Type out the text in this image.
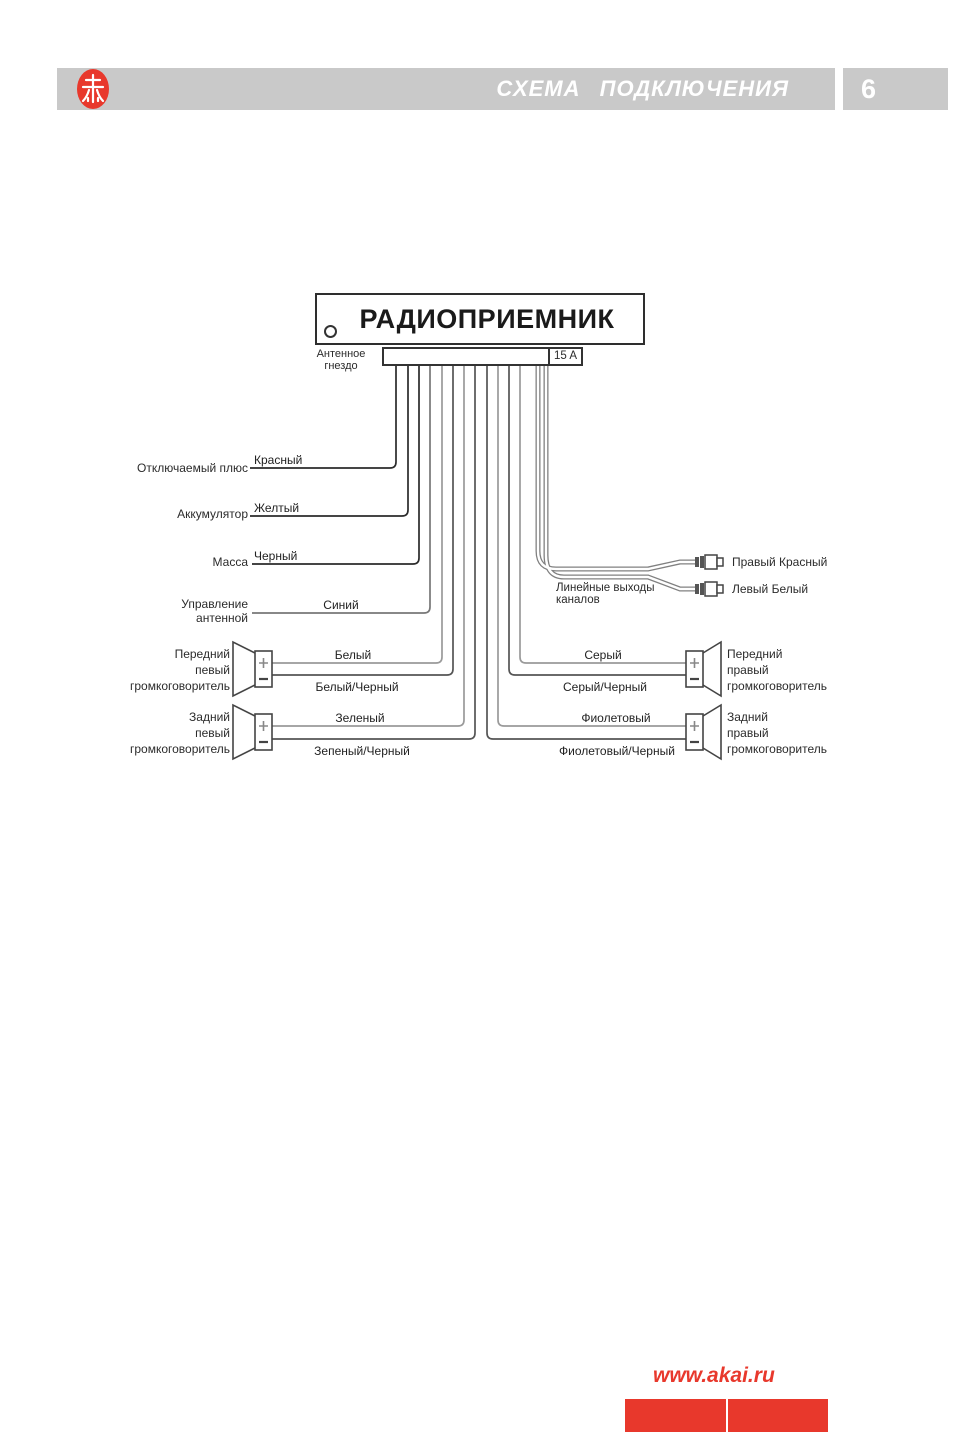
СХЕМА ПОДКЛЮЧЕНИЯ	6
РАДИОПРИЕМНИК
15 A
Антенное гнездо
Отключаемый плюс
Аккумулятор
Масса
Управление антенной
Красный
Желтый
Черный
Синий
Белый
Белый/Черный
Зеленый
Зепеный/Черный
Серый
Серый/Черный
Фиолетовый
Фиолетовый/Черный
Передний
певый
громкоговоритель
Задний
певый
громкоговоритель
Передний
правый
громкоговоритель
Задний
правый
громкоговоритель
Линейные выходы
каналов
Правый Красный
Левый Белый
www.akai.ru
